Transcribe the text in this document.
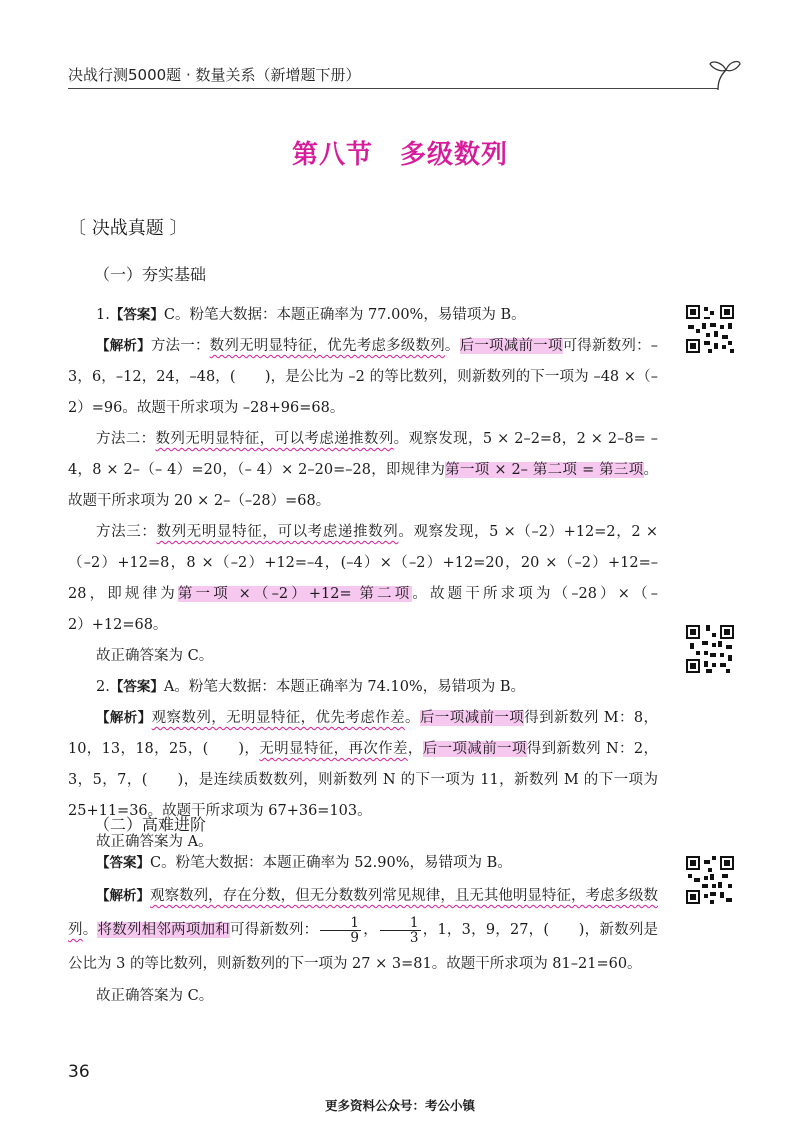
决战行测5000题 · 数量关系（新增题下册）
第八节　多级数列
〔 决战真题 〕
（一）夯实基础

1.【答案】C。粉笔大数据：本题正确率为 77.00%，易错项为 B。

【解析】方法一：数列无明显特征，优先考虑多级数列。后一项减前一项可得新数列：–3，6，–12，24，–48，(　　)，是公比为 –2 的等比数列，则新数列的下一项为 –48 ×（–2）=96。故题干所求项为 –28+96=68。

方法二：数列无明显特征，可以考虑递推数列。观察发现，5 × 2–2=8，2 × 2–8= – 4，8 × 2–（– 4）=20，（– 4）× 2–20=–28，即规律为第一项 × 2– 第二项 = 第三项。故题干所求项为 20 × 2–（–28）=68。

方法三：数列无明显特征，可以考虑递推数列。观察发现，5 ×（–2）+12=2，2 ×（–2）+12=8，8 ×（–2）+12=–4，(–4）×（–2）+12=20，20 ×（–2）+12=–28，即规律为第一项 ×（–2）+12= 第二项。故题干所求项为（–28）×（–2）+12=68。

故正确答案为 C。

2.【答案】A。粉笔大数据：本题正确率为 74.10%，易错项为 B。

【解析】观察数列，无明显特征，优先考虑作差。后一项减前一项得到新数列 M：8，10，13，18，25，(　　)，无明显特征，再次作差，后一项减前一项得到新数列 N：2，3，5，7，(　　)，是连续质数数列，则新数列 N 的下一项为 11，新数列 M 的下一项为 25+11=36。故题干所求项为 67+36=103。

故正确答案为 A。

（二）高难进阶

【答案】C。粉笔大数据：本题正确率为 52.90%，易错项为 B。

【解析】观察数列，存在分数，但无分数数列常见规律，且无其他明显特征，考虑多级数列。将数列相邻两项加和可得新数列： $\frac{1}{9}$ ， $\frac{1}{3}$ ，1，3，9，27，(　　)，新数列是公比为 3 的等比数列，则新数列的下一项为 27 × 3=81。故题干所求项为 81–21=60。

故正确答案为 C。

36
更多资料公众号：考公小镇
